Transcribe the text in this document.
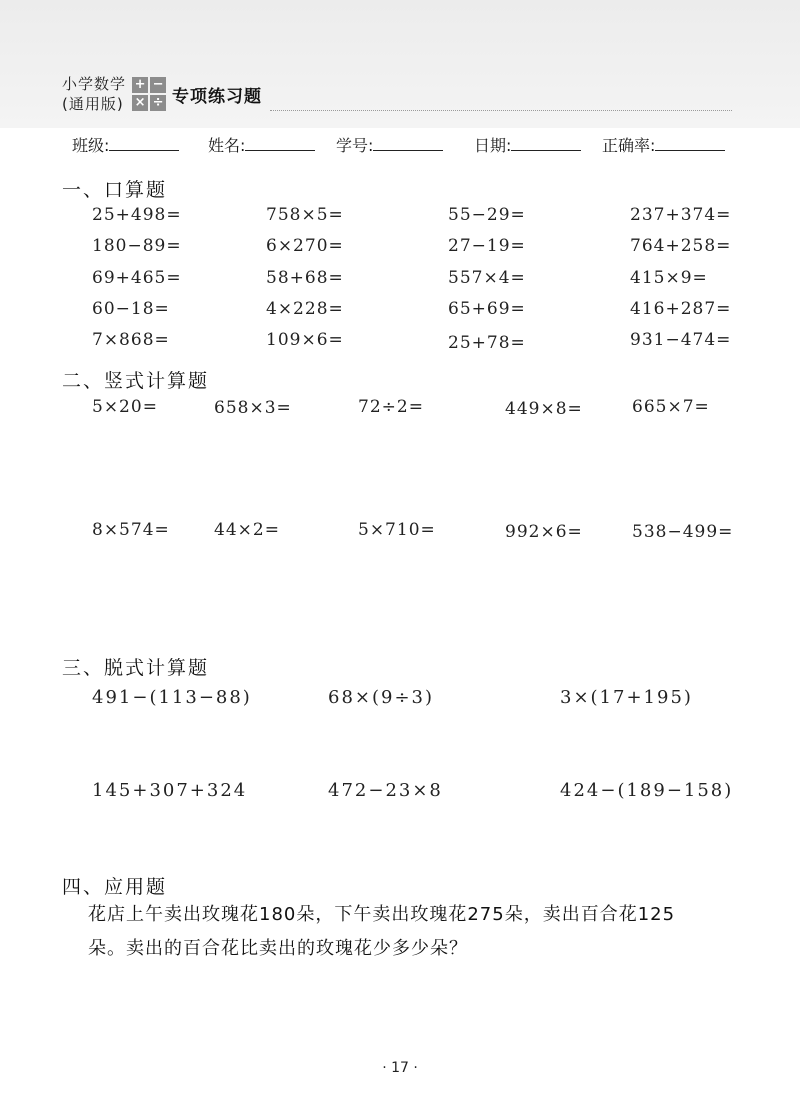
小学数学
(通用版)
+ −
× ÷ 专项练习题
班级:	姓名:	学号:	日期:	正确率:
一、口算题
25+498=	758×5=	55−29=	237+374=
180−89=	6×270=	27−19=	764+258=
69+465=	58+68=	557×4=	415×9=
60−18=	4×228=	65+69=	416+287=
7×868=	109×6=	25+78=	931−474=
二、竖式计算题
5×20=	658×3=	72÷2=	449×8=	665×7=
8×574=	44×2=	5×710=	992×6=	538−499=
三、脱式计算题
491−(113−88)	68×(9÷3)	3×(17+195)
145+307+324	472−23×8	424−(189−158)
四、应用题
花店上午卖出玫瑰花180朵，下午卖出玫瑰花275朵，卖出百合花125
朵。卖出的百合花比卖出的玫瑰花少多少朵？
· 17 ·
